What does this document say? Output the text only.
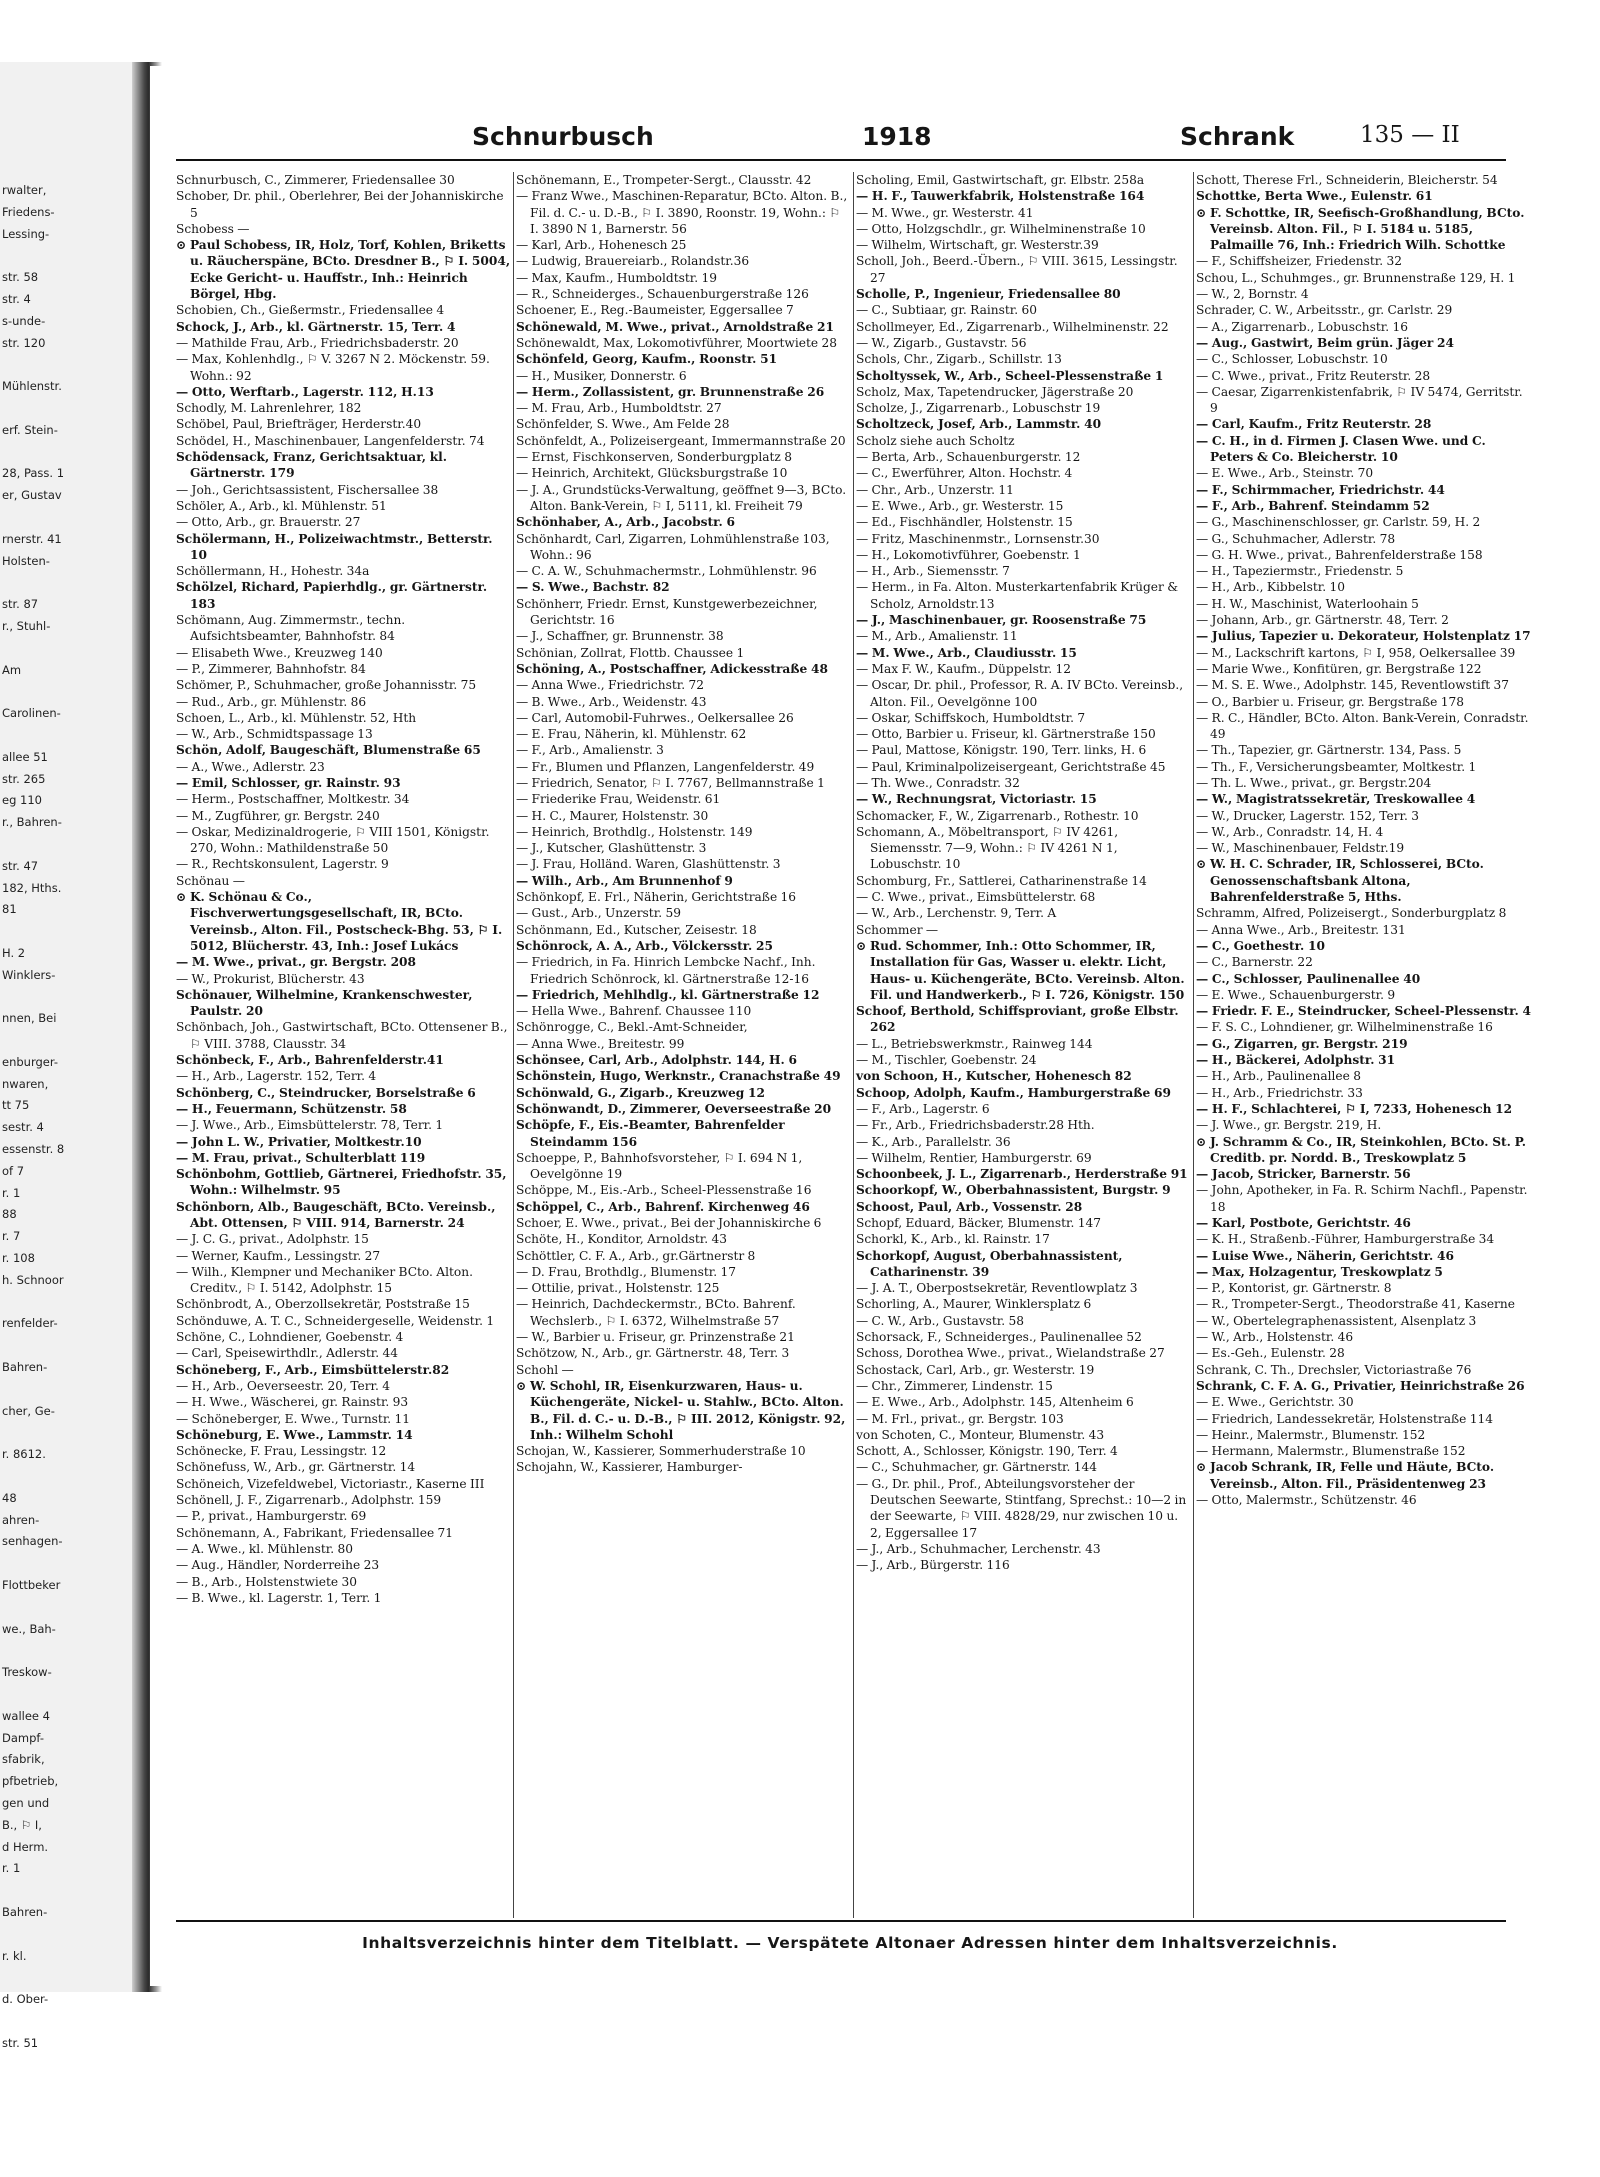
rwalter,
Friedens-
Lessing-

str. 58
str. 4
s-unde-
str. 120

Mühlenstr.

erf. Stein-

28, Pass. 1
er, Gustav

rnerstr. 41
Holsten-

str. 87
r., Stuhl-

Am

Carolinen-

allee 51
str. 265
eg 110
r., Bahren-

str. 47
182, Hths.
81

H. 2
Winklers-

nnen, Bei

enburger-
nwaren,
tt 75
sestr. 4
essenstr. 8
of 7
r. 1
88
r. 7
r. 108
h. Schnoor

renfelder-

Bahren-

cher, Ge-

r. 8612.

48
ahren-
senhagen-

Flottbeker

we., Bah-

Treskow-

wallee 4
Dampf-
sfabrik,
pfbetrieb,
gen und
B., ⚐ I,
d Herm.
r. 1

Bahren-

r. kl.

d. Ober-

str. 51
Schnurbusch	1918	Schrank	135 — II

Schnurbusch, C., Zimmerer, Friedensallee 30

Schober, Dr. phil., Oberlehrer, Bei der Johanniskirche 5

Schobess —

⊙ Paul Schobess, IR, Holz, Torf, Kohlen, Briketts u. Räucherspäne, BCto. Dresdner B., ⚐ I. 5004, Ecke Gericht- u. Hauffstr., Inh.: Heinrich Börgel, Hbg.

Schobien, Ch., Gießermstr., Friedensallee 4

Schock, J., Arb., kl. Gärtnerstr. 15, Terr. 4

— Mathilde Frau, Arb., Friedrichsbaderstr. 20

— Max, Kohlenhdlg., ⚐ V. 3267 N 2. Möckenstr. 59. Wohn.: 92

— Otto, Werftarb., Lagerstr. 112, H.13

Schodly, M. Lahrenlehrer, 182

Schöbel, Paul, Briefträger, Herderstr.40

Schödel, H., Maschinenbauer, Langenfelderstr. 74

Schödensack, Franz, Gerichtsaktuar, kl. Gärtnerstr. 179

— Joh., Gerichtsassistent, Fischersallee 38

Schöler, A., Arb., kl. Mühlenstr. 51

— Otto, Arb., gr. Brauerstr. 27

Schölermann, H., Polizeiwachtmstr., Betterstr. 10

Schöllermann, H., Hohestr. 34a

Schölzel, Richard, Papierhdlg., gr. Gärtnerstr. 183

Schömann, Aug. Zimmermstr., techn. Aufsichtsbeamter, Bahnhofstr. 84

— Elisabeth Wwe., Kreuzweg 140

— P., Zimmerer, Bahnhofstr. 84

Schömer, P., Schuhmacher, große Johannisstr. 75

— Rud., Arb., gr. Mühlenstr. 86

Schoen, L., Arb., kl. Mühlenstr. 52, Hth

— W., Arb., Schmidtspassage 13

Schön, Adolf, Baugeschäft, Blumenstraße 65

— A., Wwe., Adlerstr. 23

— Emil, Schlosser, gr. Rainstr. 93

— Herm., Postschaffner, Moltkestr. 34

— M., Zugführer, gr. Bergstr. 240

— Oskar, Medizinaldrogerie, ⚐ VIII 1501, Königstr. 270, Wohn.: Mathildenstraße 50

— R., Rechtskonsulent, Lagerstr. 9

Schönau —

⊙ K. Schönau & Co., Fischverwertungsgesellschaft, IR, BCto. Vereinsb., Alton. Fil., Postscheck-Bhg. 53, ⚐ I. 5012, Blücherstr. 43, Inh.: Josef Lukács

— M. Wwe., privat., gr. Bergstr. 208

— W., Prokurist, Blücherstr. 43

Schönauer, Wilhelmine, Krankenschwester, Paulstr. 20

Schönbach, Joh., Gastwirtschaft, BCto. Ottensener B., ⚐ VIII. 3788, Clausstr. 34

Schönbeck, F., Arb., Bahrenfelderstr.41

— H., Arb., Lagerstr. 152, Terr. 4

Schönberg, C., Steindrucker, Borselstraße 6

— H., Feuermann, Schützenstr. 58

— J. Wwe., Arb., Eimsbüttelerstr. 78, Terr. 1

— John L. W., Privatier, Moltkestr.10

— M. Frau, privat., Schulterblatt 119

Schönbohm, Gottlieb, Gärtnerei, Friedhofstr. 35, Wohn.: Wilhelmstr. 95

Schönborn, Alb., Baugeschäft, BCto. Vereinsb., Abt. Ottensen, ⚐ VIII. 914, Barnerstr. 24

— J. C. G., privat., Adolphstr. 15

— Werner, Kaufm., Lessingstr. 27

— Wilh., Klempner und Mechaniker BCto. Alton. Creditv., ⚐ I. 5142, Adolphstr. 15

Schönbrodt, A., Oberzollsekretär, Poststraße 15

Schönduwe, A. T. C., Schneidergeselle, Weidenstr. 1

Schöne, C., Lohndiener, Goebenstr. 4

— Carl, Speisewirthdlr., Adlerstr. 44

Schöneberg, F., Arb., Eimsbüttelerstr.82

— H., Arb., Oeverseestr. 20, Terr. 4

— H. Wwe., Wäscherei, gr. Rainstr. 93

— Schöneberger, E. Wwe., Turnstr. 11

Schöneburg, E. Wwe., Lammstr. 14

Schönecke, F. Frau, Lessingstr. 12

Schönefuss, W., Arb., gr. Gärtnerstr. 14

Schöneich, Vizefeldwebel, Victoriastr., Kaserne III

Schönell, J. F., Zigarrenarb., Adolphstr. 159

— P., privat., Hamburgerstr. 69

Schönemann, A., Fabrikant, Friedensallee 71

— A. Wwe., kl. Mühlenstr. 80

— Aug., Händler, Norderreihe 23

— B., Arb., Holstenstwiete 30

— B. Wwe., kl. Lagerstr. 1, Terr. 1

Schönemann, E., Trompeter-Sergt., Clausstr. 42

— Franz Wwe., Maschinen-Reparatur, BCto. Alton. B., Fil. d. C.- u. D.-B., ⚐ I. 3890, Roonstr. 19, Wohn.: ⚐ I. 3890 N 1, Barnerstr. 56

— Karl, Arb., Hohenesch 25

— Ludwig, Brauereiarb., Rolandstr.36

— Max, Kaufm., Humboldtstr. 19

— R., Schneiderges., Schauenburgerstraße 126

Schoener, E., Reg.-Baumeister, Eggersallee 7

Schönewald, M. Wwe., privat., Arnoldstraße 21

Schönewaldt, Max, Lokomotivführer, Moortwiete 28

Schönfeld, Georg, Kaufm., Roonstr. 51

— H., Musiker, Donnerstr. 6

— Herm., Zollassistent, gr. Brunnenstraße 26

— M. Frau, Arb., Humboldtstr. 27

Schönfelder, S. Wwe., Am Felde 28

Schönfeldt, A., Polizeisergeant, Immermannstraße 20

— Ernst, Fischkonserven, Sonderburgplatz 8

— Heinrich, Architekt, Glücksburgstraße 10

— J. A., Grundstücks-Verwaltung, geöffnet 9—3, BCto. Alton. Bank-Verein, ⚐ I, 5111, kl. Freiheit 79

Schönhaber, A., Arb., Jacobstr. 6

Schönhardt, Carl, Zigarren, Lohmühlenstraße 103, Wohn.: 96

— C. A. W., Schuhmachermstr., Lohmühlenstr. 96

— S. Wwe., Bachstr. 82

Schönherr, Friedr. Ernst, Kunstgewerbezeichner, Gerichtstr. 16

— J., Schaffner, gr. Brunnenstr. 38

Schönian, Zollrat, Flottb. Chaussee 1

Schöning, A., Postschaffner, Adickesstraße 48

— Anna Wwe., Friedrichstr. 72

— B. Wwe., Arb., Weidenstr. 43

— Carl, Automobil-Fuhrwes., Oelkersallee 26

— E. Frau, Näherin, kl. Mühlenstr. 62

— F., Arb., Amalienstr. 3

— Fr., Blumen und Pflanzen, Langenfelderstr. 49

— Friedrich, Senator, ⚐ I. 7767, Bellmannstraße 1

— Friederike Frau, Weidenstr. 61

— H. C., Maurer, Holstenstr. 30

— Heinrich, Brothdlg., Holstenstr. 149

— J., Kutscher, Glashüttenstr. 3

— J. Frau, Holländ. Waren, Glashüttenstr. 3

— Wilh., Arb., Am Brunnenhof 9

Schönkopf, E. Frl., Näherin, Gerichtstraße 16

— Gust., Arb., Unzerstr. 59

Schönmann, Ed., Kutscher, Zeisestr. 18

Schönrock, A. A., Arb., Völckersstr. 25

— Friedrich, in Fa. Hinrich Lembcke Nachf., Inh. Friedrich Schönrock, kl. Gärtnerstraße 12-16

— Friedrich, Mehlhdlg., kl. Gärtnerstraße 12

— Hella Wwe., Bahrenf. Chaussee 110

Schönrogge, C., Bekl.-Amt-Schneider,

— Anna Wwe., Breitestr. 99

Schönsee, Carl, Arb., Adolphstr. 144, H. 6

Schönstein, Hugo, Werknstr., Cranachstraße 49

Schönwald, G., Zigarb., Kreuzweg 12

Schönwandt, D., Zimmerer, Oeverseestraße 20

Schöpfe, F., Eis.-Beamter, Bahrenfelder Steindamm 156

Schoeppe, P., Bahnhofsvorsteher, ⚐ I. 694 N 1, Oevelgönne 19

Schöppe, M., Eis.-Arb., Scheel-Plessenstraße 16

Schöppel, C., Arb., Bahrenf. Kirchenweg 46

Schoer, E. Wwe., privat., Bei der Johanniskirche 6

Schöte, H., Konditor, Arnoldstr. 43

Schöttler, C. F. A., Arb., gr.Gärtnerstr 8

— D. Frau, Brothdlg., Blumenstr. 17

— Ottilie, privat., Holstenstr. 125

— Heinrich, Dachdeckermstr., BCto. Bahrenf. Wechslerb., ⚐ I. 6372, Wilhelmstraße 57

— W., Barbier u. Friseur, gr. Prinzenstraße 21

Schötzow, N., Arb., gr. Gärtnerstr. 48, Terr. 3

Schohl —

⊙ W. Schohl, IR, Eisenkurzwaren, Haus- u. Küchengeräte, Nickel- u. Stahlw., BCto. Alton. B., Fil. d. C.- u. D.-B., ⚐ III. 2012, Königstr. 92, Inh.: Wilhelm Schohl

Schojan, W., Kassierer, Sommerhuderstraße 10

Schojahn, W., Kassierer, Hamburger-

Scholing, Emil, Gastwirtschaft, gr. Elbstr. 258a

— H. F., Tauwerkfabrik, Holstenstraße 164

— M. Wwe., gr. Westerstr. 41

— Otto, Holzgschdlr., gr. Wilhelminenstraße 10

— Wilhelm, Wirtschaft, gr. Westerstr.39

Scholl, Joh., Beerd.-Übern., ⚐ VIII. 3615, Lessingstr. 27

Scholle, P., Ingenieur, Friedensallee 80

— C., Subtiaar, gr. Rainstr. 60

Schollmeyer, Ed., Zigarrenarb., Wilhelminenstr. 22

— W., Zigarb., Gustavstr. 56

Schols, Chr., Zigarb., Schillstr. 13

Scholtyssek, W., Arb., Scheel-Plessenstraße 1

Scholz, Max, Tapetendrucker, Jägerstraße 20

Scholze, J., Zigarrenarb., Lobuschstr 19

Scholtzeck, Josef, Arb., Lammstr. 40

Scholz siehe auch Scholtz

— Berta, Arb., Schauenburgerstr. 12

— C., Ewerführer, Alton. Hochstr. 4

— Chr., Arb., Unzerstr. 11

— E. Wwe., Arb., gr. Westerstr. 15

— Ed., Fischhändler, Holstenstr. 15

— Fritz, Maschinenmstr., Lornsenstr.30

— H., Lokomotivführer, Goebenstr. 1

— H., Arb., Siemensstr. 7

— Herm., in Fa. Alton. Musterkartenfabrik Krüger & Scholz, Arnoldstr.13

— J., Maschinenbauer, gr. Roosenstraße 75

— M., Arb., Amalienstr. 11

— M. Wwe., Arb., Claudiusstr. 15

— Max F. W., Kaufm., Düppelstr. 12

— Oscar, Dr. phil., Professor, R. A. IV BCto. Vereinsb., Alton. Fil., Oevelgönne 100

— Oskar, Schiffskoch, Humboldtstr. 7

— Otto, Barbier u. Friseur, kl. Gärtnerstraße 150

— Paul, Mattose, Königstr. 190, Terr. links, H. 6

— Paul, Kriminalpolizeisergeant, Gerichtstraße 45

— Th. Wwe., Conradstr. 32

— W., Rechnungsrat, Victoriastr. 15

Schomacker, F., W., Zigarrenarb., Rothestr. 10

Schomann, A., Möbeltransport, ⚐ IV 4261, Siemensstr. 7—9, Wohn.: ⚐ IV 4261 N 1, Lobuschstr. 10

Schomburg, Fr., Sattlerei, Catharinenstraße 14

— C. Wwe., privat., Eimsbüttelerstr. 68

— W., Arb., Lerchenstr. 9, Terr. A

Schommer —

⊙ Rud. Schommer, Inh.: Otto Schommer, IR, Installation für Gas, Wasser u. elektr. Licht, Haus- u. Küchengeräte, BCto. Vereinsb. Alton. Fil. und Handwerkerb., ⚐ I. 726, Königstr. 150

Schoof, Berthold, Schiffsproviant, große Elbstr. 262

— L., Betriebswerkmstr., Rainweg 144

— M., Tischler, Goebenstr. 24

von Schoon, H., Kutscher, Hohenesch 82

Schoop, Adolph, Kaufm., Hamburgerstraße 69

— F., Arb., Lagerstr. 6

— Fr., Arb., Friedrichsbaderstr.28 Hth.

— K., Arb., Parallelstr. 36

— Wilhelm, Rentier, Hamburgerstr. 69

Schoonbeek, J. L., Zigarrenarb., Herderstraße 91

Schoorkopf, W., Oberbahnassistent, Burgstr. 9

Schoost, Paul, Arb., Vossenstr. 28

Schopf, Eduard, Bäcker, Blumenstr. 147

Schorkl, K., Arb., kl. Rainstr. 17

Schorkopf, August, Oberbahnassistent, Catharinenstr. 39

— J. A. T., Oberpostsekretär, Reventlowplatz 3

Schorling, A., Maurer, Winklersplatz 6

— C. W., Arb., Gustavstr. 58

Schorsack, F., Schneiderges., Paulinenallee 52

Schoss, Dorothea Wwe., privat., Wielandstraße 27

Schostack, Carl, Arb., gr. Westerstr. 19

— Chr., Zimmerer, Lindenstr. 15

— E. Wwe., Arb., Adolphstr. 145, Altenheim 6

— M. Frl., privat., gr. Bergstr. 103

von Schoten, C., Monteur, Blumenstr. 43

Schott, A., Schlosser, Königstr. 190, Terr. 4

— C., Schuhmacher, gr. Gärtnerstr. 144

— G., Dr. phil., Prof., Abteilungsvorsteher der Deutschen Seewarte, Stintfang, Sprechst.: 10—2 in der Seewarte, ⚐ VIII. 4828/29, nur zwischen 10 u. 2, Eggersallee 17

— J., Arb., Schuhmacher, Lerchenstr. 43

— J., Arb., Bürgerstr. 116

Schott, Therese Frl., Schneiderin, Bleicherstr. 54

Schottke, Berta Wwe., Eulenstr. 61

⊙ F. Schottke, IR, Seefisch-Großhandlung, BCto. Vereinsb. Alton. Fil., ⚐ I. 5184 u. 5185, Palmaille 76, Inh.: Friedrich Wilh. Schottke

— F., Schiffsheizer, Friedenstr. 32

Schou, L., Schuhmges., gr. Brunnenstraße 129, H. 1

— W., 2, Bornstr. 4

Schrader, C. W., Arbeitsstr., gr. Carlstr. 29

— A., Zigarrenarb., Lobuschstr. 16

— Aug., Gastwirt, Beim grün. Jäger 24

— C., Schlosser, Lobuschstr. 10

— C. Wwe., privat., Fritz Reuterstr. 28

— Caesar, Zigarrenkistenfabrik, ⚐ IV 5474, Gerritstr. 9

— Carl, Kaufm., Fritz Reuterstr. 28

— C. H., in d. Firmen J. Clasen Wwe. und C. Peters & Co. Bleicherstr. 10

— E. Wwe., Arb., Steinstr. 70

— F., Schirmmacher, Friedrichstr. 44

— F., Arb., Bahrenf. Steindamm 52

— G., Maschinenschlosser, gr. Carlstr. 59, H. 2

— G., Schuhmacher, Adlerstr. 78

— G. H. Wwe., privat., Bahrenfelderstraße 158

— H., Tapeziermstr., Friedenstr. 5

— H., Arb., Kibbelstr. 10

— H. W., Maschinist, Waterloohain 5

— Johann, Arb., gr. Gärtnerstr. 48, Terr. 2

— Julius, Tapezier u. Dekorateur, Holstenplatz 17

— M., Lackschrift kartons, ⚐ I, 958, Oelkersallee 39

— Marie Wwe., Konfitüren, gr. Bergstraße 122

— M. S. E. Wwe., Adolphstr. 145, Reventlowstift 37

— O., Barbier u. Friseur, gr. Bergstraße 178

— R. C., Händler, BCto. Alton. Bank-Verein, Conradstr. 49

— Th., Tapezier, gr. Gärtnerstr. 134, Pass. 5

— Th., F., Versicherungsbeamter, Moltkestr. 1

— Th. L. Wwe., privat., gr. Bergstr.204

— W., Magistratssekretär, Treskowallee 4

— W., Drucker, Lagerstr. 152, Terr. 3

— W., Arb., Conradstr. 14, H. 4

— W., Maschinenbauer, Feldstr.19

⊙ W. H. C. Schrader, IR, Schlosserei, BCto. Genossenschaftsbank Altona, Bahrenfelderstraße 5, Hths.

Schramm, Alfred, Polizeisergt., Sonderburgplatz 8

— Anna Wwe., Arb., Breitestr. 131

— C., Goethestr. 10

— C., Barnerstr. 22

— C., Schlosser, Paulinenallee 40

— E. Wwe., Schauenburgerstr. 9

— Friedr. F. E., Steindrucker, Scheel-Plessenstr. 4

— F. S. C., Lohndiener, gr. Wilhelminenstraße 16

— G., Zigarren, gr. Bergstr. 219

— H., Bäckerei, Adolphstr. 31

— H., Arb., Paulinenallee 8

— H., Arb., Friedrichstr. 33

— H. F., Schlachterei, ⚐ I, 7233, Hohenesch 12

— J. Wwe., gr. Bergstr. 219, H.

⊙ J. Schramm & Co., IR, Steinkohlen, BCto. St. P. Creditb. pr. Nordd. B., Treskowplatz 5

— Jacob, Stricker, Barnerstr. 56

— John, Apotheker, in Fa. R. Schirm Nachfl., Papenstr. 18

— Karl, Postbote, Gerichtstr. 46

— K. H., Straßenb.-Führer, Hamburgerstraße 34

— Luise Wwe., Näherin, Gerichtstr. 46

— Max, Holzagentur, Treskowplatz 5

— P., Kontorist, gr. Gärtnerstr. 8

— R., Trompeter-Sergt., Theodorstraße 41, Kaserne

— W., Obertelegraphenassistent, Alsenplatz 3

— W., Arb., Holstenstr. 46

— Es.-Geh., Eulenstr. 28

Schrank, C. Th., Drechsler, Victoriastraße 76

Schrank, C. F. A. G., Privatier, Heinrichstraße 26

— E. Wwe., Gerichtstr. 30

— Friedrich, Landessekretär, Holstenstraße 114

— Heinr., Malermstr., Blumenstr. 152

— Hermann, Malermstr., Blumenstraße 152

⊙ Jacob Schrank, IR, Felle und Häute, BCto. Vereinsb., Alton. Fil., Präsidentenweg 23

— Otto, Malermstr., Schützenstr. 46

Inhaltsverzeichnis hinter dem Titelblatt. — Verspätete Altonaer Adressen hinter dem Inhaltsverzeichnis.
